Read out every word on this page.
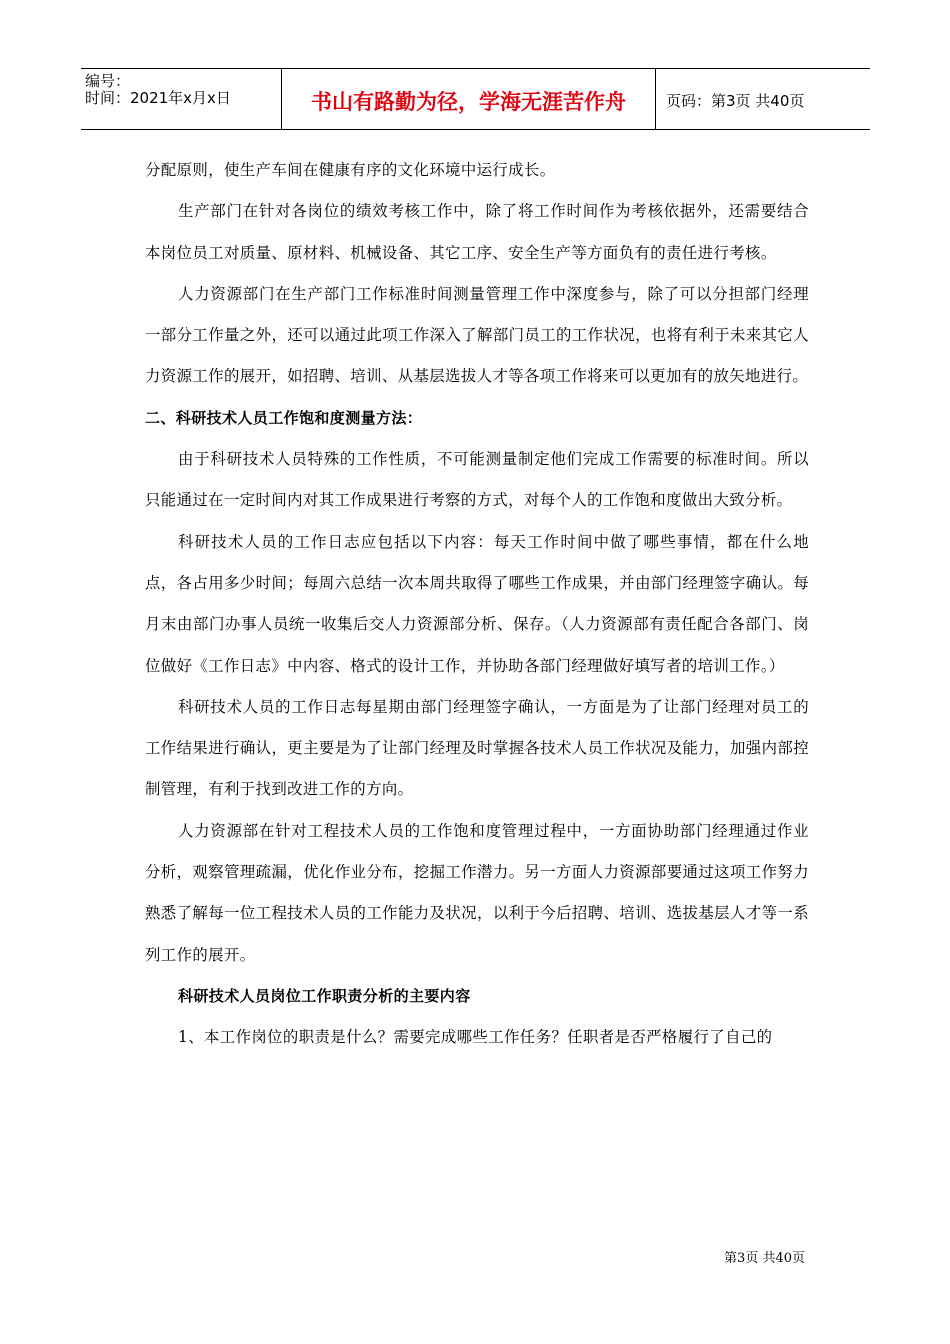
编号：
时间：2021年x月x日	书山有路勤为径，学海无涯苦作舟	页码：第3页 共40页

分配原则，使生产车间在健康有序的文化环境中运行成长。

生产部门在针对各岗位的绩效考核工作中，除了将工作时间作为考核依据外，还需要结合本岗位员工对质量、原材料、机械设备、其它工序、安全生产等方面负有的责任进行考核。

人力资源部门在生产部门工作标准时间测量管理工作中深度参与，除了可以分担部门经理一部分工作量之外，还可以通过此项工作深入了解部门员工的工作状况，也将有利于未来其它人力资源工作的展开，如招聘、培训、从基层选拔人才等各项工作将来可以更加有的放矢地进行。

二、科研技术人员工作饱和度测量方法：

由于科研技术人员特殊的工作性质，不可能测量制定他们完成工作需要的标准时间。所以只能通过在一定时间内对其工作成果进行考察的方式，对每个人的工作饱和度做出大致分析。

科研技术人员的工作日志应包括以下内容：每天工作时间中做了哪些事情，都在什么地点，各占用多少时间；每周六总结一次本周共取得了哪些工作成果，并由部门经理签字确认。每月末由部门办事人员统一收集后交人力资源部分析、保存。（人力资源部有责任配合各部门、岗位做好《工作日志》中内容、格式的设计工作，并协助各部门经理做好填写者的培训工作。）

科研技术人员的工作日志每星期由部门经理签字确认，一方面是为了让部门经理对员工的工作结果进行确认，更主要是为了让部门经理及时掌握各技术人员工作状况及能力，加强内部控制管理，有利于找到改进工作的方向。

人力资源部在针对工程技术人员的工作饱和度管理过程中，一方面协助部门经理通过作业分析，观察管理疏漏，优化作业分布，挖掘工作潜力。另一方面人力资源部要通过这项工作努力熟悉了解每一位工程技术人员的工作能力及状况，以利于今后招聘、培训、选拔基层人才等一系列工作的展开。

科研技术人员岗位工作职责分析的主要内容

1、本工作岗位的职责是什么？需要完成哪些工作任务？任职者是否严格履行了自己的

第3页 共40页
